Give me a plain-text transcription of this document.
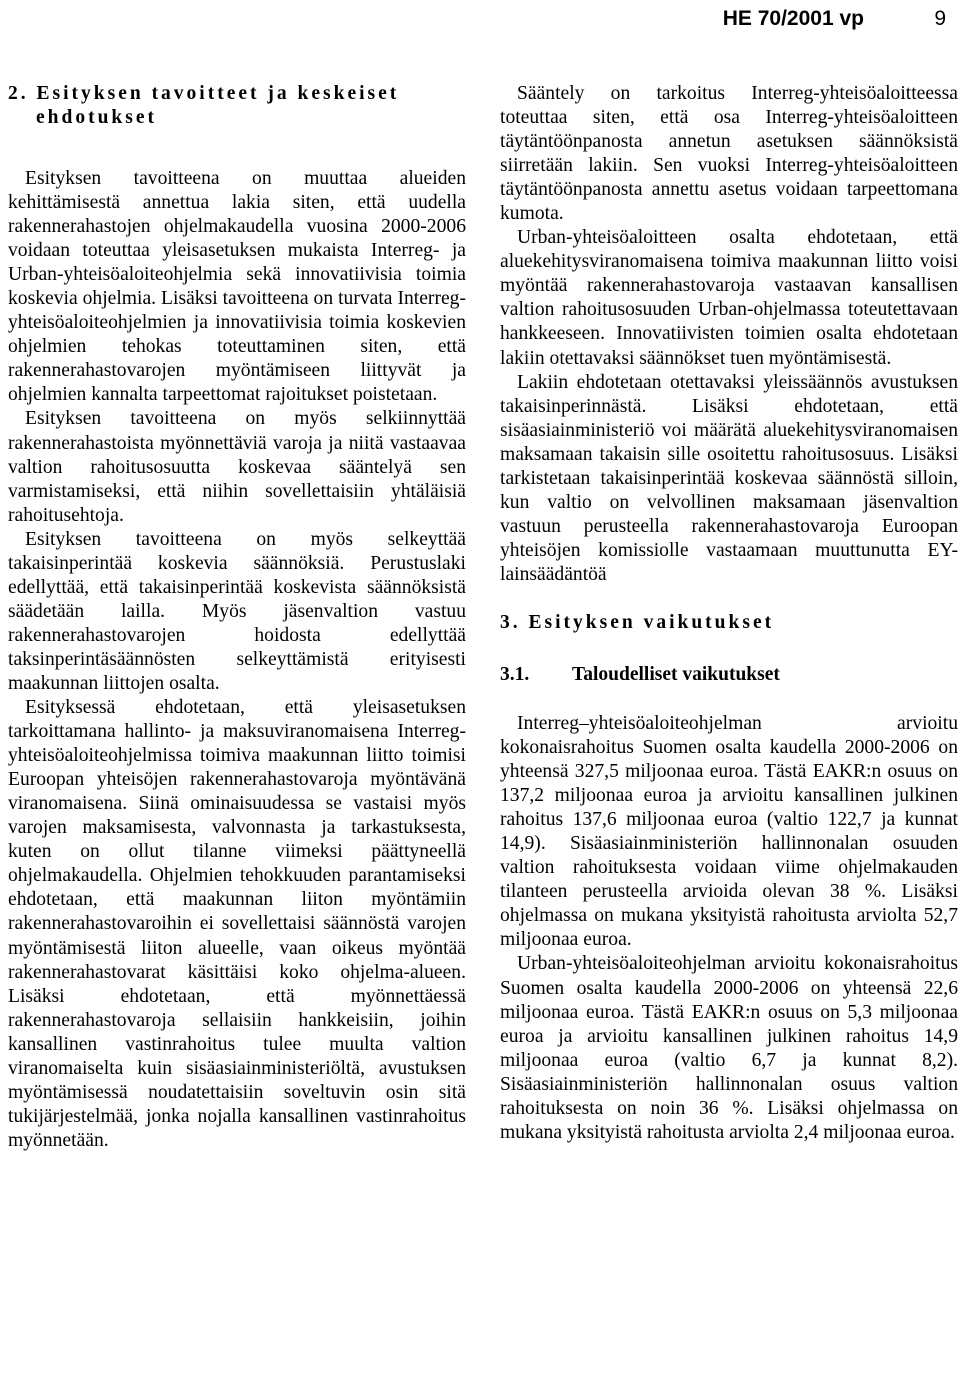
HE 70/2001 vp	9
2. Esityksen tavoitteet ja keskeiset ehdotukset

Esityksen tavoitteena on muuttaa alueiden kehittämisestä annettua lakia siten, että uudella rakennerahastojen ohjelmakaudella vuosina 2000-2006 voidaan toteuttaa yleisasetuksen mukaista Interreg- ja Urban-yhteisöaloiteohjelmia sekä innovatiivisia toimia koskevia ohjelmia. Lisäksi tavoitteena on turvata Interreg-yhteisöaloiteohjelmien ja innovatiivisia toimia koskevien ohjelmien tehokas toteuttaminen siten, että rakennerahastovarojen myöntämiseen liittyvät ja ohjelmien kannalta tarpeettomat rajoitukset poistetaan.

Esityksen tavoitteena on myös selkiinnyttää rakennerahastoista myönnettäviä varoja ja niitä vastaavaa valtion rahoitusosuutta koskevaa sääntelyä sen varmistamiseksi, että niihin sovellettaisiin yhtäläisiä rahoitusehtoja.

Esityksen tavoitteena on myös selkeyttää takaisinperintää koskevia säännöksiä. Perustuslaki edellyttää, että takaisinperintää koskevista säännöksistä säädetään lailla. Myös jäsenvaltion vastuu rakennerahastovarojen hoidosta edellyttää taksinperintäsäännösten selkeyttämistä erityisesti maakunnan liittojen osalta.

Esityksessä ehdotetaan, että yleisasetuksen tarkoittamana hallinto- ja maksuviranomaisena Interreg-yhteisöaloiteohjelmissa toimiva maakunnan liitto toimisi Euroopan yhteisöjen rakennerahastovaroja myöntävänä viranomaisena. Siinä ominaisuudessa se vastaisi myös varojen maksamisesta, valvonnasta ja tarkastuksesta, kuten on ollut tilanne viimeksi päättyneellä ohjelmakaudella. Ohjelmien tehokkuuden parantamiseksi ehdotetaan, että maakunnan liiton myöntämiin rakennerahastovaroihin ei sovellettaisi säännöstä varojen myöntämisestä liiton alueelle, vaan oikeus myöntää rakennerahastovarat käsittäisi koko ohjelma-alueen. Lisäksi ehdotetaan, että myönnettäessä rakennerahastovaroja sellaisiin hankkeisiin, joihin kansallinen vastinrahoitus tulee muulta valtion viranomaiselta kuin sisäasiainministeriöltä, avustuksen myöntämisessä noudatettaisiin soveltuvin osin sitä tukijärjestelmää, jonka nojalla kansallinen vastinrahoitus myönnetään.

Sääntely on tarkoitus Interreg-yhteisöaloitteessa toteuttaa siten, että osa Interreg-yhteisöaloitteen täytäntöönpanosta annetun asetuksen säännöksistä siirretään lakiin. Sen vuoksi Interreg-yhteisöaloitteen täytäntöönpanosta annettu asetus voidaan tarpeettomana kumota.

Urban-yhteisöaloitteen osalta ehdotetaan, että aluekehitysviranomaisena toimiva maakunnan liitto voisi myöntää rakennerahastovaroja vastaavan kansallisen valtion rahoitusosuuden Urban-ohjelmassa toteutettavaan hankkeeseen. Innovatiivisten toimien osalta ehdotetaan lakiin otettavaksi säännökset tuen myöntämisestä.

Lakiin ehdotetaan otettavaksi yleissäännös avustuksen takaisinperinnästä. Lisäksi ehdotetaan, että sisäasiainministeriö voi määrätä aluekehitysviranomaisen maksamaan takaisin sille osoitettu rahoitusosuus. Lisäksi tarkistetaan takaisinperintää koskevaa säännöstä silloin, kun valtio on velvollinen maksamaan jäsenvaltion vastuun perusteella rakennerahastovaroja Euroopan yhteisöjen komissiolle vastaamaan muuttunutta EY-lainsäädäntöä

3. Esityksen vaikutukset
3.1. Taloudelliset vaikutukset

Interreg–yhteisöaloiteohjelman arvioitu kokonaisrahoitus Suomen osalta kaudella 2000-2006 on yhteensä 327,5 miljoonaa euroa. Tästä EAKR:n osuus on 137,2 miljoonaa euroa ja arvioitu kansallinen julkinen rahoitus 137,6 miljoonaa euroa (valtio 122,7 ja kunnat 14,9). Sisäasiainministeriön hallinnonalan osuuden valtion rahoituksesta voidaan viime ohjelmakauden tilanteen perusteella arvioida olevan 38 %. Lisäksi ohjelmassa on mukana yksityistä rahoitusta arviolta 52,7 miljoonaa euroa.

Urban-yhteisöaloiteohjelman arvioitu kokonaisrahoitus Suomen osalta kaudella 2000-2006 on yhteensä 22,6 miljoonaa euroa. Tästä EAKR:n osuus on 5,3 miljoonaa euroa ja arvioitu kansallinen julkinen rahoitus 14,9 miljoonaa euroa (valtio 6,7 ja kunnat 8,2). Sisäasiainministeriön hallinnonalan osuus valtion rahoituksesta on noin 36 %. Lisäksi ohjelmassa on mukana yksityistä rahoitusta arviolta 2,4 miljoonaa euroa.
